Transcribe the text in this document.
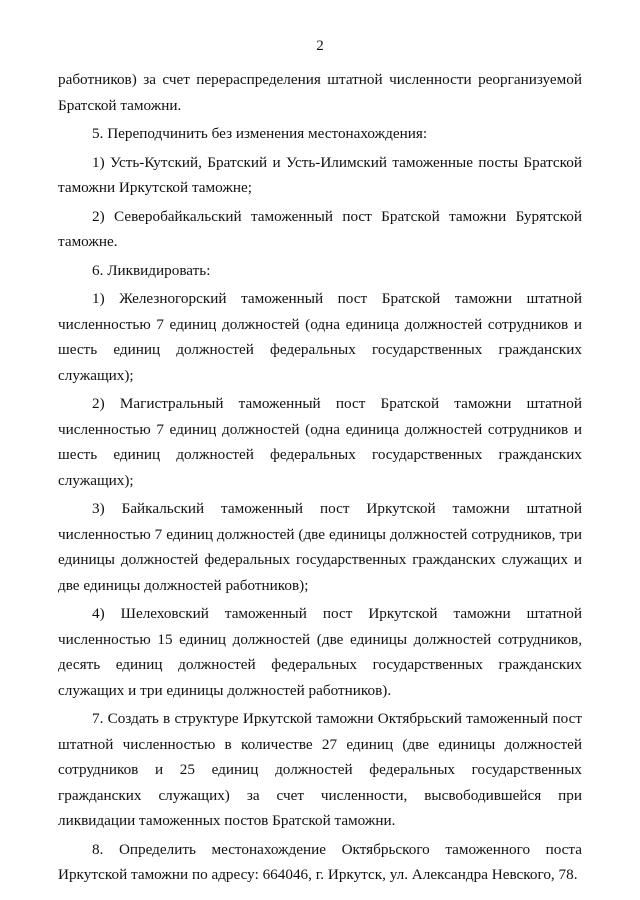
2

работников) за счет перераспределения штатной численности реорганизуемой Братской таможни.

5. Переподчинить без изменения местонахождения:

1) Усть-Кутский, Братский и Усть-Илимский таможенные посты Братской таможни Иркутской таможне;

2) Северобайкальский таможенный пост Братской таможни Бурятской таможне.

6. Ликвидировать:

1) Железногорский таможенный пост Братской таможни штатной численностью 7 единиц должностей (одна единица должностей сотрудников и шесть единиц должностей федеральных государственных гражданских служащих);

2) Магистральный таможенный пост Братской таможни штатной численностью 7 единиц должностей (одна единица должностей сотрудников и шесть единиц должностей федеральных государственных гражданских служащих);

3) Байкальский таможенный пост Иркутской таможни штатной численностью 7 единиц должностей (две единицы должностей сотрудников, три единицы должностей федеральных государственных гражданских служащих и две единицы должностей работников);

4) Шелеховский таможенный пост Иркутской таможни штатной численностью 15 единиц должностей (две единицы должностей сотрудников, десять единиц должностей федеральных государственных гражданских служащих и три единицы должностей работников).

7. Создать в структуре Иркутской таможни Октябрьский таможенный пост штатной численностью в количестве 27 единиц (две единицы должностей сотрудников и 25 единиц должностей федеральных государственных гражданских служащих) за счет численности, высвободившейся при ликвидации таможенных постов Братской таможни.

8. Определить местонахождение Октябрьского таможенного поста Иркутской таможни по адресу: 664046, г. Иркутск, ул. Александра Невского, 78.
